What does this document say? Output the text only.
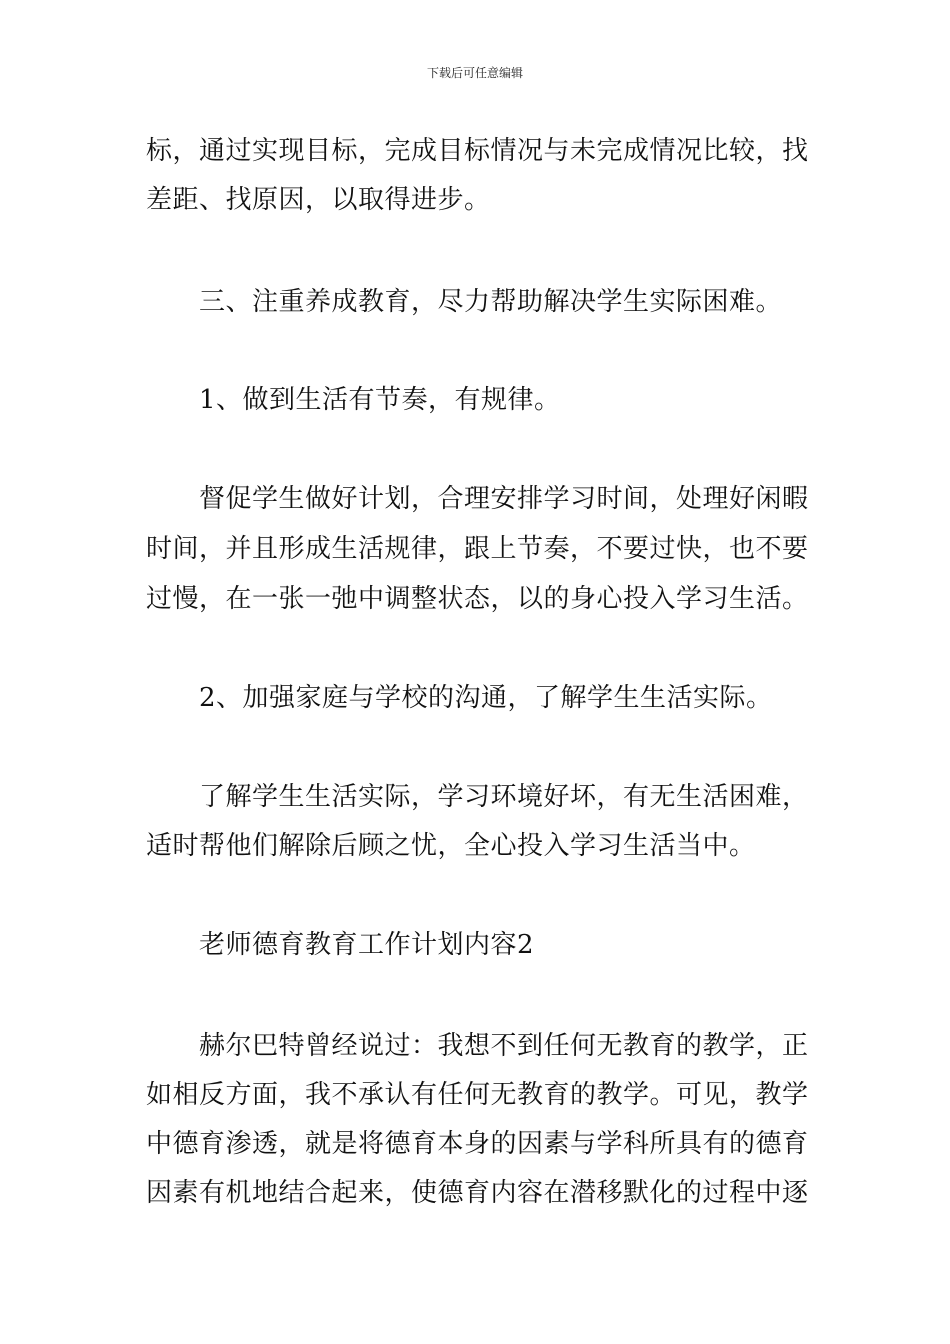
下载后可任意编辑
标，通过实现目标，完成目标情况与未完成情况比较，找
差距、找原因，以取得进步。
　　三、注重养成教育，尽力帮助解决学生实际困难。
　　1、做到生活有节奏，有规律。
　　督促学生做好计划，合理安排学习时间，处理好闲暇
时间，并且形成生活规律，跟上节奏，不要过快，也不要
过慢，在一张一弛中调整状态，以的身心投入学习生活。
　　2、加强家庭与学校的沟通，了解学生生活实际。
　　了解学生生活实际，学习环境好坏，有无生活困难，
适时帮他们解除后顾之忧，全心投入学习生活当中。
　　老师德育教育工作计划内容2
　　赫尔巴特曾经说过：我想不到任何无教育的教学，正
如相反方面，我不承认有任何无教育的教学。可见，教学
中德育渗透，就是将德育本身的因素与学科所具有的德育
因素有机地结合起来，使德育内容在潜移默化的过程中逐
